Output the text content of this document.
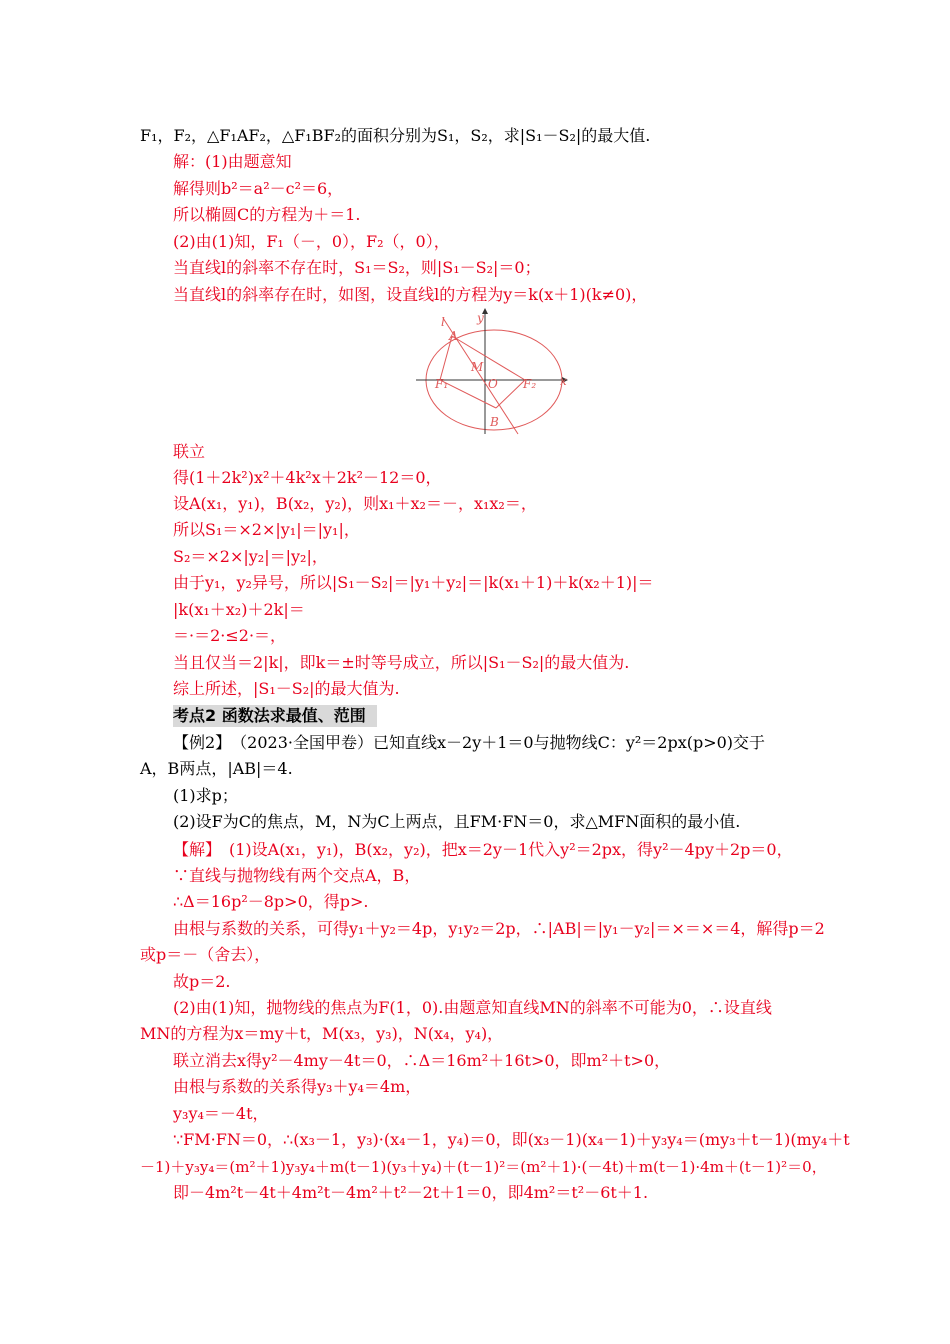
F₁，F₂，△F₁AF₂，△F₁BF₂的面积分别为S₁，S₂，求|S₁－S₂|的最大值.
解：(1)由题意知
解得则b²＝a²－c²＝6，
所以椭圆C的方程为＋＝1.
(2)由(1)知，F₁（－，0），F₂（，0），
当直线l的斜率不存在时，S₁＝S₂，则|S₁－S₂|＝0；
当直线l的斜率存在时，如图，设直线l的方程为y＝k(x＋1)(k≠0)，
l	y
A
M
F₁	O F₂ x
B
联立
得(1＋2k²)x²＋4k²x＋2k²－12＝0，
设A(x₁，y₁)，B(x₂，y₂)，则x₁＋x₂＝－，x₁x₂＝，
所以S₁＝×2×|y₁|＝|y₁|，
S₂＝×2×|y₂|＝|y₂|，
由于y₁，y₂异号，所以|S₁－S₂|＝|y₁＋y₂|＝|k(x₁＋1)＋k(x₂＋1)|＝
|k(x₁＋x₂)＋2k|＝
＝·＝2·≤2·＝，
当且仅当＝2|k|，即k＝±时等号成立，所以|S₁－S₂|的最大值为.
综上所述，|S₁－S₂|的最大值为.
考点2 函数法求最值、范围
【例2】　（2023·全国甲卷）已知直线x－2y＋1＝0与抛物线C：y²＝2px(p>0)交于
A，B两点，|AB|＝4.
(1)求p；
(2)设F为C的焦点，M，N为C上两点，且FM·FN＝0，求△MFN面积的最小值.
【解】　(1)设A(x₁，y₁)，B(x₂，y₂)，把x＝2y－1代入y²＝2px，得y²－4py＋2p＝0，
∵直线与抛物线有两个交点A，B，
∴Δ＝16p²－8p>0，得p>.
由根与系数的关系，可得y₁＋y₂＝4p，y₁y₂＝2p，∴|AB|＝|y₁－y₂|＝×＝×＝4，解得p＝2
或p＝－（舍去），
故p＝2.
(2)由(1)知，抛物线的焦点为F(1，0).由题意知直线MN的斜率不可能为0，∴设直线
MN的方程为x＝my＋t，M(x₃，y₃)，N(x₄，y₄)，
联立消去x得y²－4my－4t＝0，∴Δ＝16m²＋16t>0，即m²＋t>0，
由根与系数的关系得y₃＋y₄＝4m，
y₃y₄＝－4t，
∵FM·FN＝0，∴(x₃－1，y₃)·(x₄－1，y₄)＝0，即(x₃－1)(x₄－1)＋y₃y₄＝(my₃＋t－1)(my₄＋t
－1)＋y₃y₄＝(m²＋1)y₃y₄＋m(t－1)(y₃＋y₄)＋(t－1)²＝(m²＋1)·(－4t)＋m(t－1)·4m＋(t－1)²＝0，
即－4m²t－4t＋4m²t－4m²＋t²－2t＋1＝0，即4m²＝t²－6t＋1.
